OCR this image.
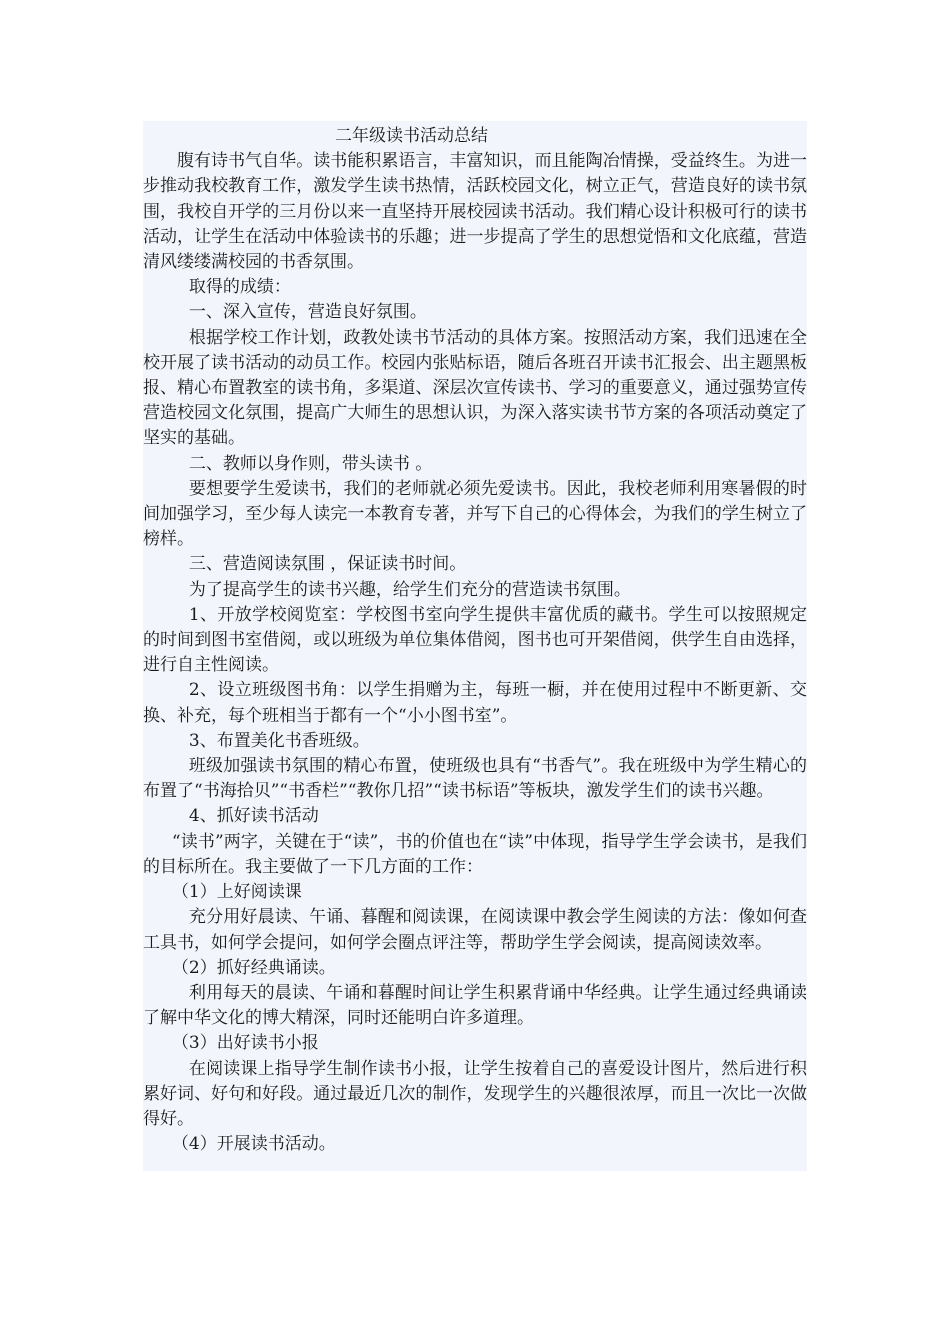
二年级读书活动总结

腹有诗书气自华。读书能积累语言，丰富知识，而且能陶冶情操，受益终生。为进一步推动我校教育工作，激发学生读书热情，活跃校园文化，树立正气，营造良好的读书氛围，我校自开学的三月份以来一直坚持开展校园读书活动。我们精心设计积极可行的读书活动，让学生在活动中体验读书的乐趣；进一步提高了学生的思想觉悟和文化底蕴，营造清风缕缕满校园的书香氛围。

取得的成绩：

一、深入宣传，营造良好氛围。

根据学校工作计划，政教处读书节活动的具体方案。按照活动方案，我们迅速在全校开展了读书活动的动员工作。校园内张贴标语，随后各班召开读书汇报会、出主题黑板报、精心布置教室的读书角，多渠道、深层次宣传读书、学习的重要意义，通过强势宣传营造校园文化氛围，提高广大师生的思想认识，为深入落实读书节方案的各项活动奠定了坚实的基础。

二、教师以身作则，带头读书 。

要想要学生爱读书，我们的老师就必须先爱读书。因此，我校老师利用寒暑假的时间加强学习，至少每人读完一本教育专著，并写下自己的心得体会，为我们的学生树立了榜样。

三、营造阅读氛围 ，保证读书时间。

为了提高学生的读书兴趣，给学生们充分的营造读书氛围。

1、开放学校阅览室：学校图书室向学生提供丰富优质的藏书。学生可以按照规定的时间到图书室借阅，或以班级为单位集体借阅，图书也可开架借阅，供学生自由选择，进行自主性阅读。

2、设立班级图书角：以学生捐赠为主，每班一橱，并在使用过程中不断更新、交换、补充，每个班相当于都有一个“小小图书室”。

3、布置美化书香班级。

班级加强读书氛围的精心布置，使班级也具有“书香气”。我在班级中为学生精心的布置了“书海拾贝”“书香栏”“教你几招”“读书标语”等板块，激发学生们的读书兴趣。

4、抓好读书活动

“读书”两字，关键在于“读”，书的价值也在“读”中体现，指导学生学会读书，是我们的目标所在。我主要做了一下几方面的工作：

（1）上好阅读课

充分用好晨读、午诵、暮醒和阅读课，在阅读课中教会学生阅读的方法：像如何查工具书，如何学会提问，如何学会圈点评注等，帮助学生学会阅读，提高阅读效率。

（2）抓好经典诵读。

利用每天的晨读、午诵和暮醒时间让学生积累背诵中华经典。让学生通过经典诵读了解中华文化的博大精深，同时还能明白许多道理。

（3）出好读书小报

在阅读课上指导学生制作读书小报，让学生按着自己的喜爱设计图片，然后进行积累好词、好句和好段。通过最近几次的制作，发现学生的兴趣很浓厚，而且一次比一次做得好。

（4）开展读书活动。
